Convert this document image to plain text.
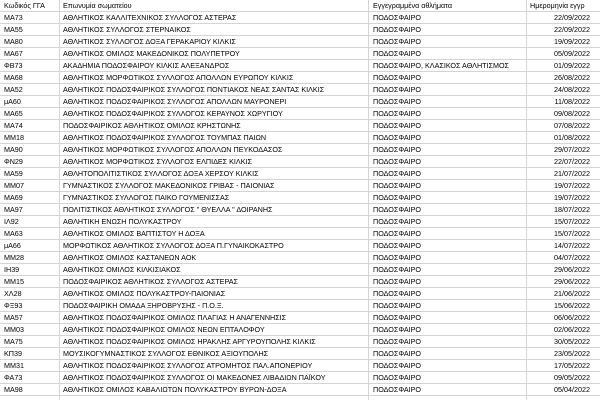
Κωδικός ΓΓΑ	Επωνυμία σωματείου	Εγγεγραμμένα αθλήματα	Ημερομηνία εγγρ
ΜΑ73	ΑΘΛΗΤΙΚΟΣ ΚΑΛΛΙΤΕΧΝΙΚΟΣ ΣΥΛΛΟΓΟΣ ΑΣΤΕΡΑΣ	ΠΟΔΟΣΦΑΙΡΟ	22/09/2022
ΜΑ55	ΑΘΛΗΤΙΚΟΣ ΣΥΛΛΟΓΟΣ ΣΤΕΡΝΑΙΚΟΣ	ΠΟΔΟΣΦΑΙΡΟ	22/09/2022
ΜΑ80	ΑΘΛΗΤΙΚΟΣ ΣΥΛΛΟΓΟΣ ΔΟΞΑ ΓΕΡΑΚΑΡΙΟΥ ΚΙΛΚΙΣ	ΠΟΔΟΣΦΑΙΡΟ	19/09/2022
ΜΑ67	ΑΘΛΗΤΙΚΟΣ ΟΜΙΛΟΣ ΜΑΚΕΔΟΝΙΚΟΣ ΠΟΛΥΠΕΤΡΟΥ	ΠΟΔΟΣΦΑΙΡΟ	05/09/2022
ΦΒ73	ΑΚΑΔΗΜΙΑ ΠΟΔΟΣΦΑΙΡΟΥ ΚΙΛΚΙΣ ΑΛΕΞΑΝΔΡΟΣ	ΠΟΔΟΣΦΑΙΡΟ, ΚΛΑΣΙΚΟΣ ΑΘΛΗΤΙΣΜΟΣ	01/09/2022
ΜΑ68	ΑΘΛΗΤΙΚΟΣ ΜΟΡΦΩΤΙΚΟΣ ΣΥΛΛΟΓΟΣ ΑΠΟΛΛΩΝ ΕΥΡΩΠΟΥ ΚΙΛΚΙΣ	ΠΟΔΟΣΦΑΙΡΟ	26/08/2022
ΜΑ52	ΑΘΛΗΤΙΚΟΣ ΠΟΔΟΣΦΑΙΡΙΚΟΣ ΣΥΛΛΟΓΟΣ ΠΟΝΤΙΑΚΟΣ ΝΕΑΣ ΣΑΝΤΑΣ ΚΙΛΚΙΣ	ΠΟΔΟΣΦΑΙΡΟ	24/08/2022
μΑ60	ΑΘΛΗΤΙΚΟΣ ΠΟΔΟΣΦΑΙΡΙΚΟΣ ΣΥΛΛΟΓΟΣ ΑΠΟΛΛΩΝ ΜΑΥΡΟΝΕΡΙ	ΠΟΔΟΣΦΑΙΡΟ	11/08/2022
ΜΑ65	ΑΘΛΗΤΙΚΟΣ ΠΟΔΟΣΦΑΙΡΙΚΟΣ ΣΥΛΛΟΓΟΣ ΚΕΡΑΥΝΟΣ ΧΩΡΥΓΙΟΥ	ΠΟΔΟΣΦΑΙΡΟ	09/08/2022
ΜΑ74	ΠΟΔΟΣΦΑΙΡΙΚΟΣ ΑΘΛΗΤΙΚΟΣ ΟΜΙΛΟΣ ΚΡΗΣΤΩΝΗΣ	ΠΟΔΟΣΦΑΙΡΟ	07/08/2022
ΜΜ18	ΑΘΛΗΤΙΚΟΣ ΠΟΔΟΣΦΑΙΡΙΚΟΣ ΣΥΛΛΟΓΟΣ ΤΟΥΜΠΑΣ ΠΑΙΩΝ	ΠΟΔΟΣΦΑΙΡΟ	01/08/2022
ΜΑ90	ΑΘΛΗΤΙΚΟΣ ΜΟΡΦΩΤΙΚΟΣ ΣΥΛΛΟΓΟΣ ΑΠΟΛΛΩΝ ΠΕΥΚΟΔΑΣΟΣ	ΠΟΔΟΣΦΑΙΡΟ	29/07/2022
ΦΝ29	ΑΘΛΗΤΙΚΟΣ ΜΟΡΦΩΤΙΚΟΣ ΣΥΛΛΟΓΟΣ ΕΛΠΙΔΕΣ ΚΙΛΚΙΣ	ΠΟΔΟΣΦΑΙΡΟ	22/07/2022
ΜΑ59	ΑΘΛΗΤΟΠΟΛΙΤΙΣΤΙΚΟΣ ΣΥΛΛΟΓΟΣ ΔΟΞΑ ΧΕΡΣΟΥ ΚΙΛΚΙΣ	ΠΟΔΟΣΦΑΙΡΟ	21/07/2022
ΜΜ07	ΓΥΜΝΑΣΤΙΚΟΣ ΣΥΛΛΟΓΟΣ ΜΑΚΕΔΟΝΙΚΟΣ ΓΡΙΒΑΣ - ΠΑΙΟΝΙΑΣ	ΠΟΔΟΣΦΑΙΡΟ	19/07/2022
ΜΑ69	ΓΥΜΝΑΣΤΙΚΟΣ ΣΥΛΛΟΓΟΣ ΠΑΙΚΟ ΓΟΥΜΕΝΙΣΣΑΣ	ΠΟΔΟΣΦΑΙΡΟ	19/07/2022
ΜΑ97	ΠΟΛΙΤΙΣΤΙΚΟΣ ΑΘΛΗΤΙΚΟΣ ΣΥΛΛΟΓΟΣ " ΘΥΕΛΛΑ " ΔΟΙΡΑΝΗΣ	ΠΟΔΟΣΦΑΙΡΟ	18/07/2022
ΙΛ92	ΑΘΛΗΤΙΚΗ ΕΝΩΣΗ ΠΟΛΥΚΑΣΤΡΟΥ	ΠΟΔΟΣΦΑΙΡΟ	15/07/2022
ΜΑ63	ΑΘΛΗΤΙΚΟΣ ΟΜΙΛΟΣ ΒΑΠΤΙΣΤΟΥ Η ΔΟΞΑ	ΠΟΔΟΣΦΑΙΡΟ	15/07/2022
μΑ66	ΜΟΡΦΩΤΙΚΟΣ ΑΘΛΗΤΙΚΟΣ ΣΥΛΛΟΓΟΣ ΔΟΞΑ Π.ΓΥΝΑΙΚΟΚΑΣΤΡΟ	ΠΟΔΟΣΦΑΙΡΟ	14/07/2022
ΜΜ28	ΑΘΛΗΤΙΚΟΣ ΟΜΙΛΟΣ ΚΑΣΤΑΝΕΩΝ ΑΟΚ	ΠΟΔΟΣΦΑΙΡΟ	04/07/2022
ΙΗ39	ΑΘΛΗΤΙΚΟΣ ΟΜΙΛΟΣ ΚΙΛΚΙΣΙΑΚΟΣ	ΠΟΔΟΣΦΑΙΡΟ	29/06/2022
ΜΜ15	ΠΟΔΟΣΦΑΙΡΙΚΟΣ ΑΘΛΗΤΙΚΟΣ ΣΥΛΛΟΓΟΣ ΑΣΤΕΡΑΣ	ΠΟΔΟΣΦΑΙΡΟ	29/06/2022
ΧΛ28	ΑΘΛΗΤΙΚΟΣ ΟΜΙΛΟΣ ΠΟΛΥΚΑΣΤΡΟΥ-ΠΑΙΟΝΙΑΣ	ΠΟΔΟΣΦΑΙΡΟ	21/06/2022
ΦΞ93	ΠΟΔΟΣΦΑΙΡΙΚΗ ΟΜΑΔΑ ΞΗΡΟΒΡΥΣΗΣ - Π.Ο.Ξ.	ΠΟΔΟΣΦΑΙΡΟ	15/06/2022
ΜΑ57	ΑΘΛΗΤΙΚΟΣ ΠΟΔΟΣΦΑΙΡΙΚΟΣ ΟΜΙΛΟΣ ΠΛΑΓΙΑΣ Η ΑΝΑΓΕΝΝΗΣΙΣ	ΠΟΔΟΣΦΑΙΡΟ	06/06/2022
ΜΜ03	ΑΘΛΗΤΙΚΟΣ ΠΟΔΟΣΦΑΙΡΙΚΟΣ ΟΜΙΛΟΣ ΝΕΩΝ ΕΠΤΑΛΟΦΟΥ	ΠΟΔΟΣΦΑΙΡΟ	02/06/2022
ΜΑ75	ΑΘΛΗΤΙΚΟΣ ΠΟΔΟΣΦΑΙΡΙΚΟΣ ΟΜΙΛΟΣ ΗΡΑΚΛΗΣ ΑΡΓΥΡΟΥΠΟΛΗΣ ΚΙΛΚΙΣ	ΠΟΔΟΣΦΑΙΡΟ	30/05/2022
ΚΠ39	ΜΟΥΣΙΚΟΓΥΜΝΑΣΤΙΚΟΣ ΣΥΛΛΟΓΟΣ ΕΘΝΙΚΟΣ ΑΞΙΟΥΠΟΛΗΣ	ΠΟΔΟΣΦΑΙΡΟ	23/05/2022
ΜΜ31	ΑΘΛΗΤΙΚΟΣ ΠΟΔΟΣΦΑΙΡΙΚΟΣ ΣΥΛΛΟΓΟΣ ΑΤΡΟΜΗΤΟΣ ΠΑΛ.ΑΠΟΝΕΡΙΟΥ	ΠΟΔΟΣΦΑΙΡΟ	17/05/2022
ΦΑ73	ΑΘΛΗΤΙΚΟΣ ΠΟΔΟΣΦΑΙΡΙΚΟΣ ΣΥΛΛΟΓΟΣ ΟΙ ΜΑΚΕΔΟΝΕΣ ΛΙΒΑΔΙΩΝ ΠΑΪΚΟΥ	ΠΟΔΟΣΦΑΙΡΟ	09/05/2022
ΜΑ98	ΑΘΛΗΤΙΚΟΣ ΟΜΙΛΟΣ ΚΑΒΑΛΙΩΤΩΝ ΠΟΛΥΚΑΣΤΡΟΥ ΒΥΡΩΝ-ΔΟΞΑ	ΠΟΔΟΣΦΑΙΡΟ	05/04/2022
